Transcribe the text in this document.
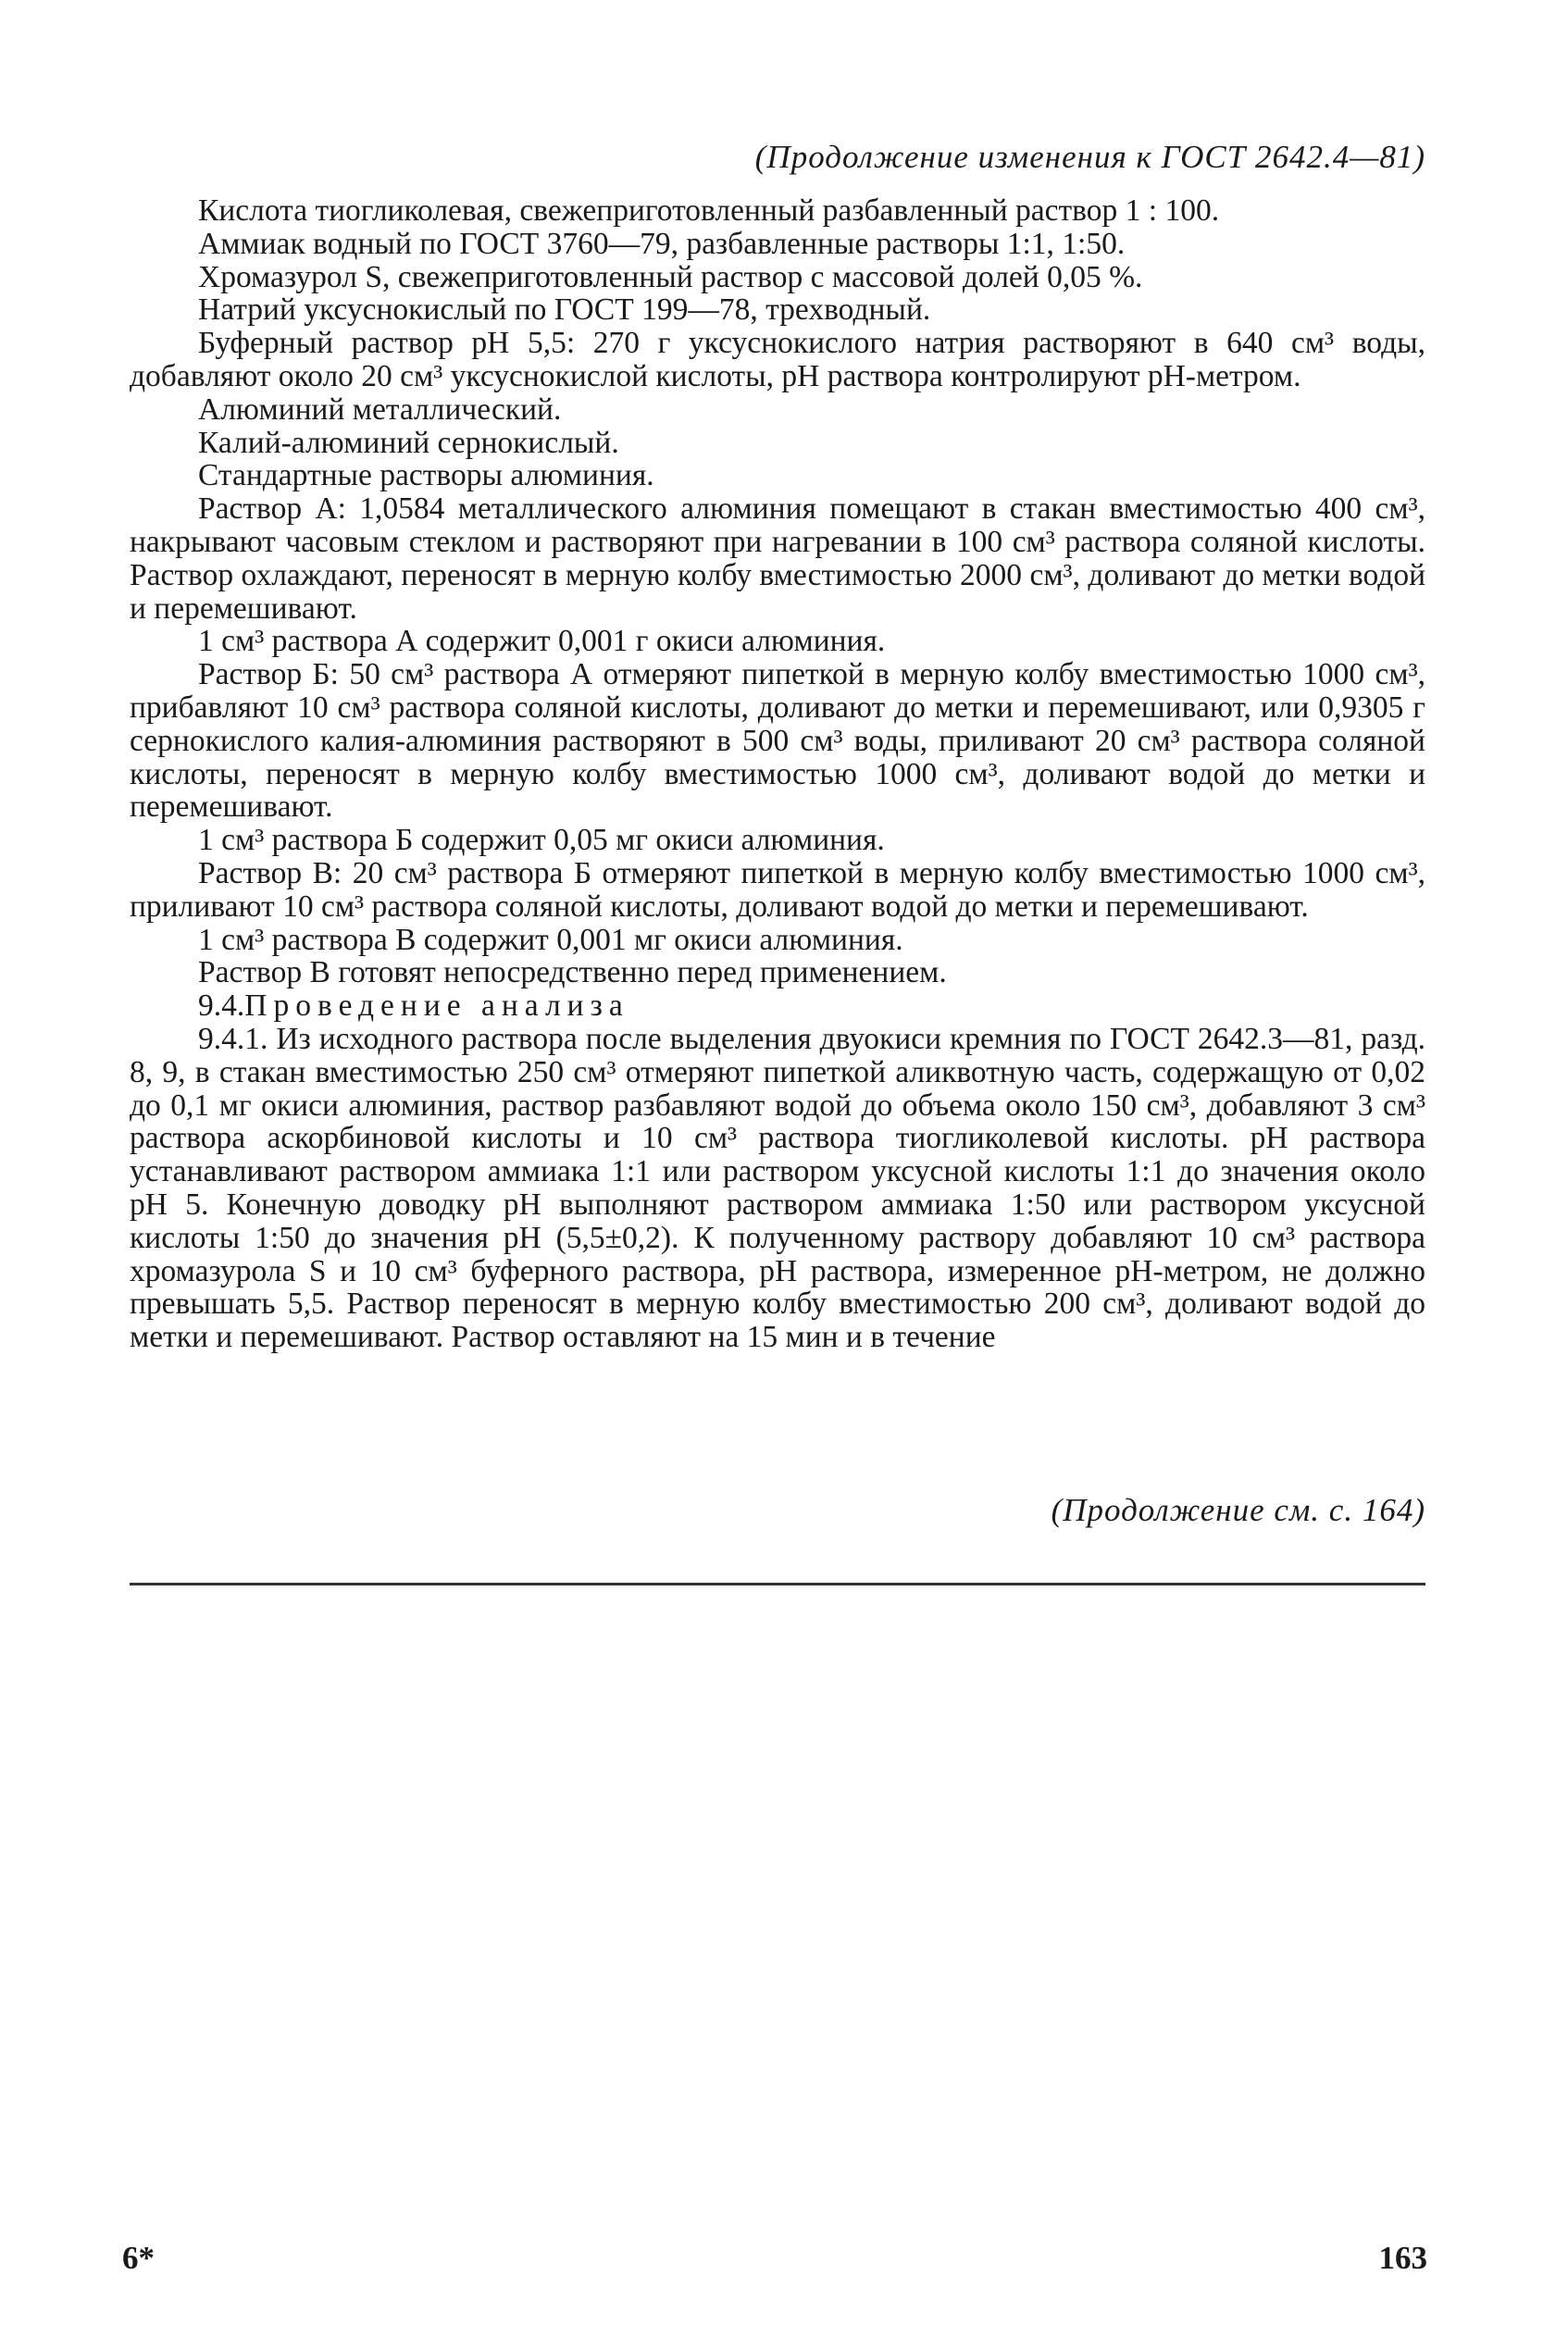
(Продолжение изменения к ГОСТ 2642.4—81)

Кислота тиогликолевая, свежеприготовленный разбавленный раствор 1 : 100.

Аммиак водный по ГОСТ 3760—79, разбавленные растворы 1:1, 1:50.

Хромазурол S, свежеприготовленный раствор с массовой долей 0,05 %.

Натрий уксуснокислый по ГОСТ 199—78, трехводный.

Буферный раствор pH 5,5: 270 г уксуснокислого натрия растворяют в 640 см³ воды, добавляют около 20 см³ уксуснокислой кислоты, pH раствора контролируют pH-метром.

Алюминий металлический.

Калий-алюминий сернокислый.

Стандартные растворы алюминия.

Раствор А: 1,0584 металлического алюминия помещают в стакан вместимостью 400 см³, накрывают часовым стеклом и растворяют при нагревании в 100 см³ раствора соляной кислоты. Раствор охлаждают, переносят в мерную колбу вместимостью 2000 см³, доливают до метки водой и перемешивают.

1 см³ раствора А содержит 0,001 г окиси алюминия.

Раствор Б: 50 см³ раствора А отмеряют пипеткой в мерную колбу вместимостью 1000 см³, прибавляют 10 см³ раствора соляной кислоты, доливают до метки и перемешивают, или 0,9305 г сернокислого калия-алюминия растворяют в 500 см³ воды, приливают 20 см³ раствора соляной кислоты, переносят в мерную колбу вместимостью 1000 см³, доливают водой до метки и перемешивают.

1 см³ раствора Б содержит 0,05 мг окиси алюминия.

Раствор В: 20 см³ раствора Б отмеряют пипеткой в мерную колбу вместимостью 1000 см³, приливают 10 см³ раствора соляной кислоты, доливают водой до метки и перемешивают.

1 см³ раствора В содержит 0,001 мг окиси алюминия.

Раствор В готовят непосредственно перед применением.

9.4.Проведение анализа

9.4.1. Из исходного раствора после выделения двуокиси кремния по ГОСТ 2642.3—81, разд. 8, 9, в стакан вместимостью 250 см³ отмеряют пипеткой аликвотную часть, содержащую от 0,02 до 0,1 мг окиси алюминия, раствор разбавляют водой до объема около 150 см³, добавляют 3 см³ раствора аскорбиновой кислоты и 10 см³ раствора тиогликолевой кислоты. pH раствора устанавливают раствором аммиака 1:1 или раствором уксусной кислоты 1:1 до значения около pH 5. Конечную доводку pH выполняют раствором аммиака 1:50 или раствором уксусной кислоты 1:50 до значения pH (5,5±0,2). К полученному раствору добавляют 10 см³ раствора хромазурола S и 10 см³ буферного раствора, pH раствора, измеренное pH-метром, не должно превышать 5,5. Раствор переносят в мерную колбу вместимостью 200 см³, доливают водой до метки и перемешивают. Раствор оставляют на 15 мин и в течение

(Продолжение см. с. 164)
6*	163
